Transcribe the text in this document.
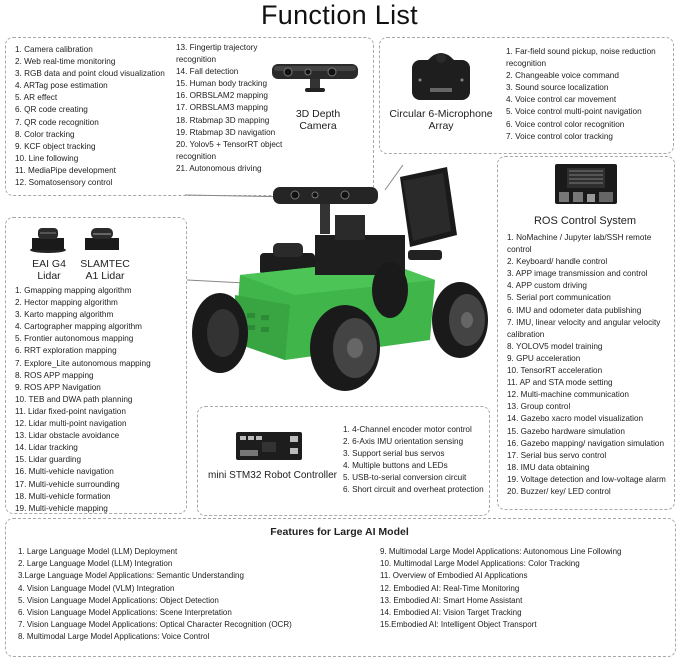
Function List
1. Camera calibration
2. Web real-time monitoring
3. RGB data and point cloud visualization
4. ARTag pose estimation
5. AR effect
6. QR code creating
7. QR code recognition
8. Color tracking
9. KCF object tracking
10. Line following
11. MediaPipe development
12. Somatosensory control
13. Fingertip trajectory recognition
14. Fall detection
15. Human body tracking
16. ORBSLAM2 mapping
17. ORBSLAM3 mapping
18. Rtabmap 3D mapping
19. Rtabmap 3D navigation
20. Yolov5 + TensorRT object recognition
21. Autonomous driving
3D Depth Camera
Circular 6-Microphone Array
1. Far-field sound pickup, noise reduction recognition
2. Changeable voice command
3. Sound source localization
4. Voice control car movement
5. Voice control multi-point navigation
6. Voice control color recognition
7. Voice control color tracking
ROS Control System
1. NoMachine / Jupyter lab/SSH remote control
2. Keyboard/ handle control
3. APP image transmission and control
4. APP custom driving
5. Serial port communication
6. IMU and odometer data publishing
7. IMU, linear velocity and angular velocity calibration
8. YOLOV5 model training
9. GPU acceleration
10. TensorRT acceleration
11. AP and STA mode setting
12. Multi-machine communication
13. Group control
14. Gazebo xacro model visualization
15. Gazebo hardware simulation
16. Gazebo mapping/ navigation simulation
17. Serial bus servo control
18. IMU data obtaining
19. Voltage detection and low-voltage alarm
20. Buzzer/ key/ LED control
EAI G4 Lidar
SLAMTEC A1 Lidar
1. Gmapping mapping algorithm
2. Hector mapping algorithm
3. Karto mapping algorithm
4. Cartographer mapping algorithm
5. Frontier autonomous mapping
6. RRT exploration mapping
7. Explore_Lite autonomous mapping
8. ROS APP mapping
9. ROS APP Navigation
10. TEB and DWA path planning
11. Lidar fixed-point navigation
12. Lidar multi-point navigation
13. Lidar obstacle avoidance
14. Lidar tracking
15. Lidar guarding
16. Multi-vehicle navigation
17. Multi-vehicle surrounding
18. Multi-vehicle formation
19. Multi-vehicle mapping
mini STM32 Robot Controller
1. 4-Channel encoder motor control
2. 6-Axis IMU orientation sensing
3. Support serial bus servos
4. Multiple buttons and LEDs
5. USB-to-serial conversion circuit
6. Short circuit and overheat protection
Features for Large AI Model
1. Large Language Model (LLM) Deployment
2. Large Language Model (LLM) Integration
3.Large Language Model Applications: Semantic Understanding
4. Vision Language Model (VLM) Integration
5. Vision Language Model Applications: Object Detection
6. Vision Language Model Applications: Scene Interpretation
7. Vision Language Model Applications: Optical Character Recognition (OCR)
8. Multimodal Large Model Applications: Voice Control
9. Multimodal Large Model Applications: Autonomous Line Following
10. Multimodal Large Model Applications: Color Tracking
11. Overview of Embodied AI Applications
12. Embodied AI: Real-Time Monitoring
13. Embodied AI: Smart Home Assistant
14. Embodied AI: Vision Target Tracking
15.Embodied AI: Intelligent Object Transport
